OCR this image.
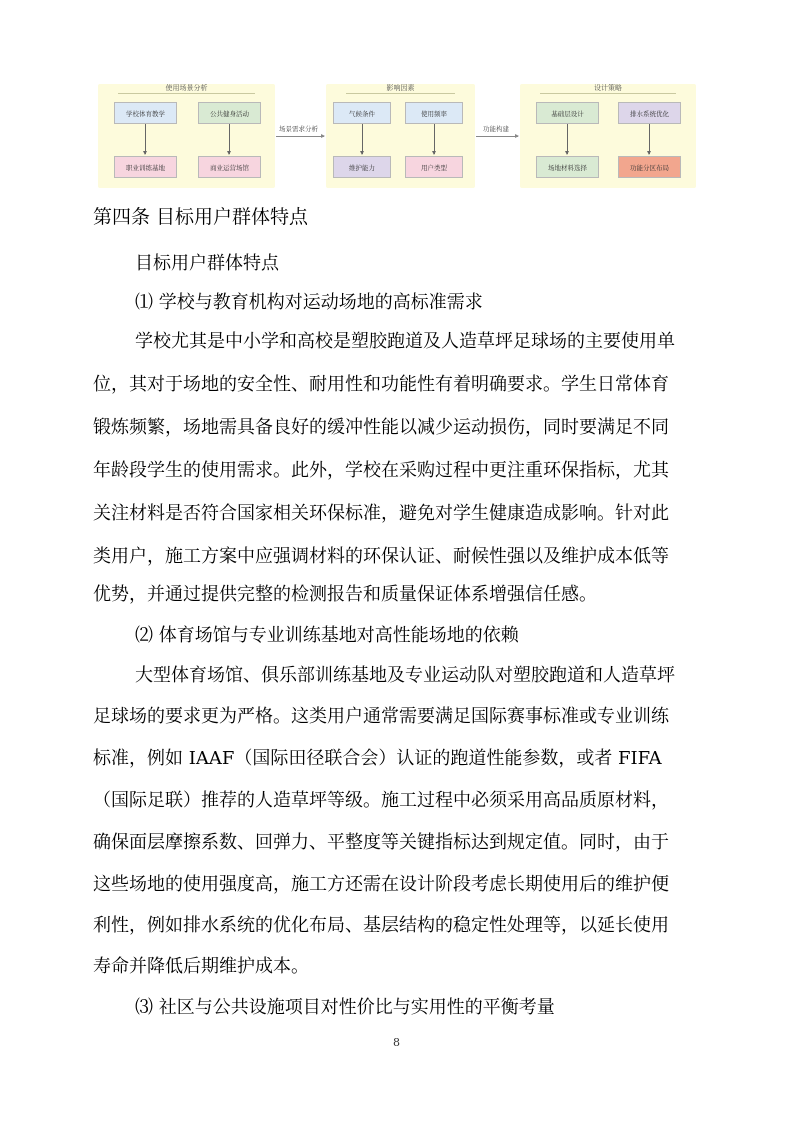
使用场景分析
学校体育教学	公共健身活动
职业训练基地	商业运营场馆
场景需求分析
影响因素
气候条件	使用频率
维护能力	用户类型
功能构建
设计策略
基础层设计	排水系统优化
场地材料选择	功能分区布局
第四条 目标用户群体特点
目标用户群体特点
⑴ 学校与教育机构对运动场地的高标准需求
学校尤其是中小学和高校是塑胶跑道及人造草坪足球场的主要使用单
位，其对于场地的安全性、耐用性和功能性有着明确要求。学生日常体育
锻炼频繁，场地需具备良好的缓冲性能以减少运动损伤，同时要满足不同
年龄段学生的使用需求。此外，学校在采购过程中更注重环保指标，尤其
关注材料是否符合国家相关环保标准，避免对学生健康造成影响。针对此
类用户，施工方案中应强调材料的环保认证、耐候性强以及维护成本低等
优势，并通过提供完整的检测报告和质量保证体系增强信任感。
⑵ 体育场馆与专业训练基地对高性能场地的依赖
大型体育场馆、俱乐部训练基地及专业运动队对塑胶跑道和人造草坪
足球场的要求更为严格。这类用户通常需要满足国际赛事标准或专业训练
标准，例如 IAAF（国际田径联合会）认证的跑道性能参数，或者 FIFA
（国际足联）推荐的人造草坪等级。施工过程中必须采用高品质原材料，
确保面层摩擦系数、回弹力、平整度等关键指标达到规定值。同时，由于
这些场地的使用强度高，施工方还需在设计阶段考虑长期使用后的维护便
利性，例如排水系统的优化布局、基层结构的稳定性处理等，以延长使用
寿命并降低后期维护成本。
⑶ 社区与公共设施项目对性价比与实用性的平衡考量
8
